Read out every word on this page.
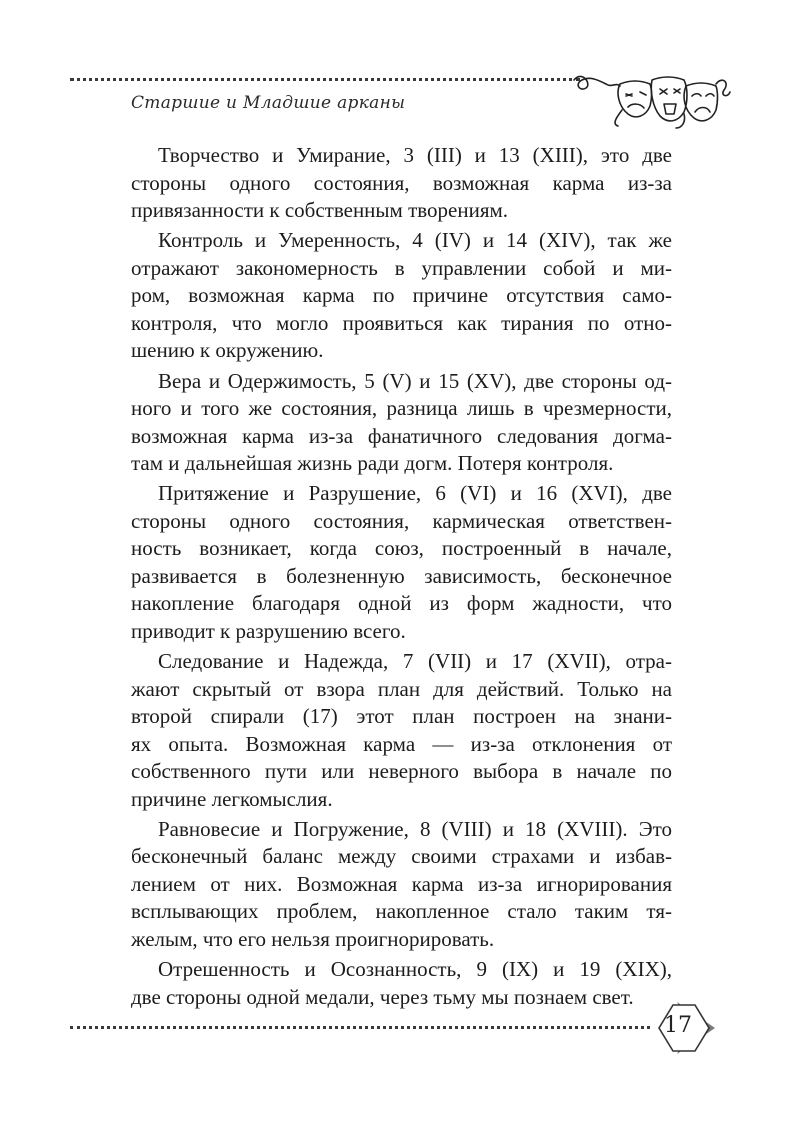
Старшие и Младшие арканы
Творчество и Умирание, 3 (III) и 13 (XIII), это две
стороны одного состояния, возможная карма из-за
привязанности к собственным творениям.
Контроль и Умеренность, 4 (IV) и 14 (XIV), так же
отражают закономерность в управлении собой и ми-
ром, возможная карма по причине отсутствия само-
контроля, что могло проявиться как тирания по отно-
шению к окружению.
Вера и Одержимость, 5 (V) и 15 (XV), две стороны од-
ного и того же состояния, разница лишь в чрезмерности,
возможная карма из-за фанатичного следования догма-
там и дальнейшая жизнь ради догм. Потеря контроля.
Притяжение и Разрушение, 6 (VI) и 16 (XVI), две
стороны одного состояния, кармическая ответствен-
ность возникает, когда союз, построенный в начале,
развивается в болезненную зависимость, бесконечное
накопление благодаря одной из форм жадности, что
приводит к разрушению всего.
Следование и Надежда, 7 (VII) и 17 (XVII), отра-
жают скрытый от взора план для действий. Только на
второй спирали (17) этот план построен на знани-
ях опыта. Возможная карма — из-за отклонения от
собственного пути или неверного выбора в начале по
причине легкомыслия.
Равновесие и Погружение, 8 (VIII) и 18 (XVIII). Это
бесконечный баланс между своими страхами и избав-
лением от них. Возможная карма из-за игнорирования
всплывающих проблем, накопленное стало таким тя-
желым, что его нельзя проигнорировать.
Отрешенность и Осознанность, 9 (IX) и 19 (XIX),
две стороны одной медали, через тьму мы познаем свет.
17
